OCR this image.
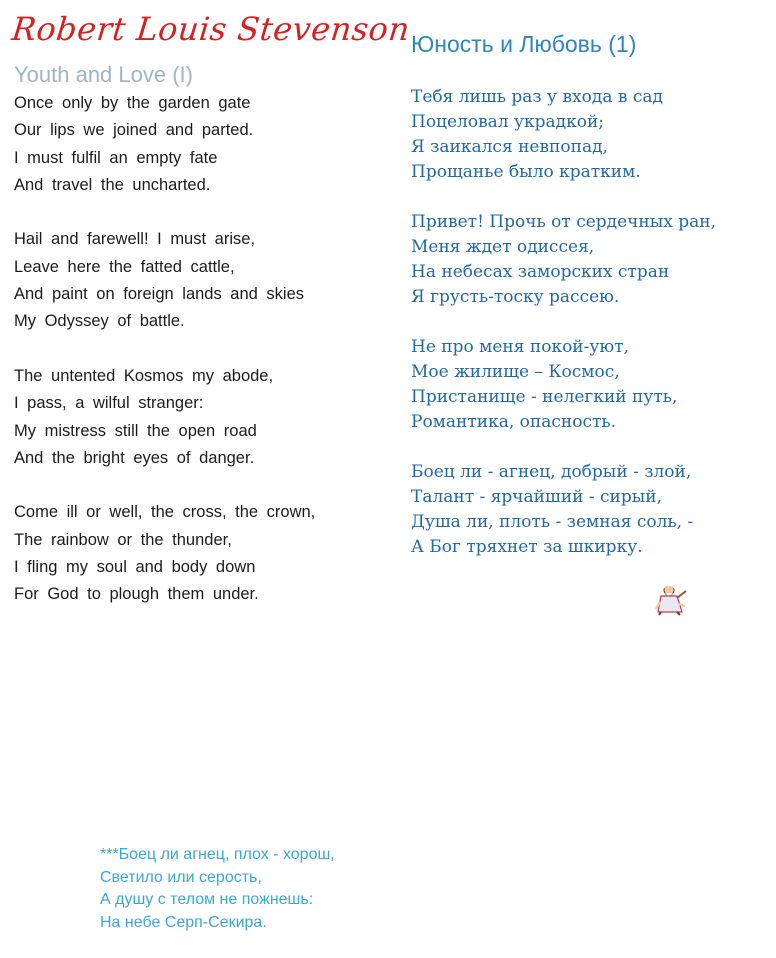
Robert Louis Stevenson
Youth and Love (I)
Once only by the garden gate
Our lips we joined and parted.
I must fulfil an empty fate
And travel the uncharted.
Hail and farewell! I must arise,
Leave here the fatted cattle,
And paint on foreign lands and skies
My Odyssey of battle.
The untented Kosmos my abode,
I pass, a wilful stranger:
My mistress still the open road
And the bright eyes of danger.
Come ill or well, the cross, the crown,
The rainbow or the thunder,
I fling my soul and body down
For God to plough them under.
Юность и Любовь (1)
Тебя лишь раз у входа в сад
Поцеловал украдкой;
Я заикался невпопад,
Прощанье было кратким.
Привет! Прочь от сердечных ран,
Меня ждет одиссея,
На небесах заморских стран
Я грусть-тоску рассею.
Не про меня покой-уют,
Мое жилище – Космос,
Пристанище - нелегкий путь,
Романтика, опасность.
Боец ли - агнец, добрый - злой,
Талант - ярчайший - сирый,
Душа ли, плоть - земная соль, -
А Бог тряхнет за шкирку.
***Боец ли агнец, плох - хорош,
Светило или серость,
А душу с телом не пожнешь:
На небе Серп-Секира.
